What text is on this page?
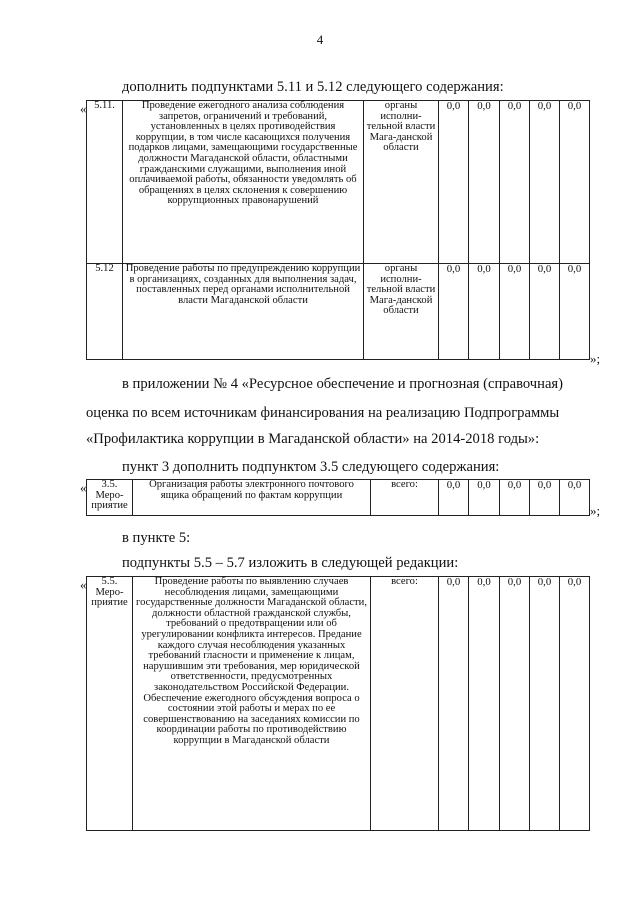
4
дополнить подпунктами 5.11 и 5.12 следующего содержания:
« 5.11.	Проведение ежегодного анализа соблюдения запретов, ограничений и требований, установленных в целях противодействия коррупции, в том числе касающихся получения подарков лицами, замещающими государственные должности Магаданской области, областными гражданскими служащими, выполнения иной оплачиваемой работы, обязанности уведомлять об обращениях в целях склонения к совершению коррупционных правонарушений	органы исполни-тельной власти Мага-данской области	0,0	0,0	0,0	0,0	0,0
5.12	Проведение работы по предупреждению коррупции в организациях, созданных для выполнения задач, поставленных перед органами исполнительной власти Магаданской области	органы исполни-тельной власти Мага-данской области	0,0	0,0	0,0	0,0	0,0
»;
в приложении № 4 «Ресурсное обеспечение и прогнозная (справочная)
оценка по всем источникам финансирования на реализацию Подпрограммы
«Профилактика коррупции в Магаданской области» на 2014-2018 годы»:
пункт 3 дополнить подпунктом 3.5 следующего содержания:
«	3.5.
Меро-приятие
	Организация работы электронного почтового ящика обращений по фактам коррупции	всего:	0,0	0,0	0,0	0,0	0,0
»;
в пункте 5:
подпункты 5.5 – 5.7 изложить в следующей редакции:
«	5.5.
Меро-приятие
	Проведение работы по выявлению случаев несоблюдения лицами, замещающими государственные должности Магаданской области, должности областной гражданской службы, требований о предотвращении или об урегулировании конфликта интересов. Предание каждого случая несоблюдения указанных требований гласности и применение к лицам, нарушившим эти требования, мер юридической ответственности, предусмотренных законодательством Российской Федерации. Обеспечение ежегодного обсуждения вопроса о состоянии этой работы и мерах по ее совершенствованию на заседаниях комиссии по координации работы по противодействию коррупции в Магаданской области	всего:	0,0	0,0	0,0	0,0	0,0
